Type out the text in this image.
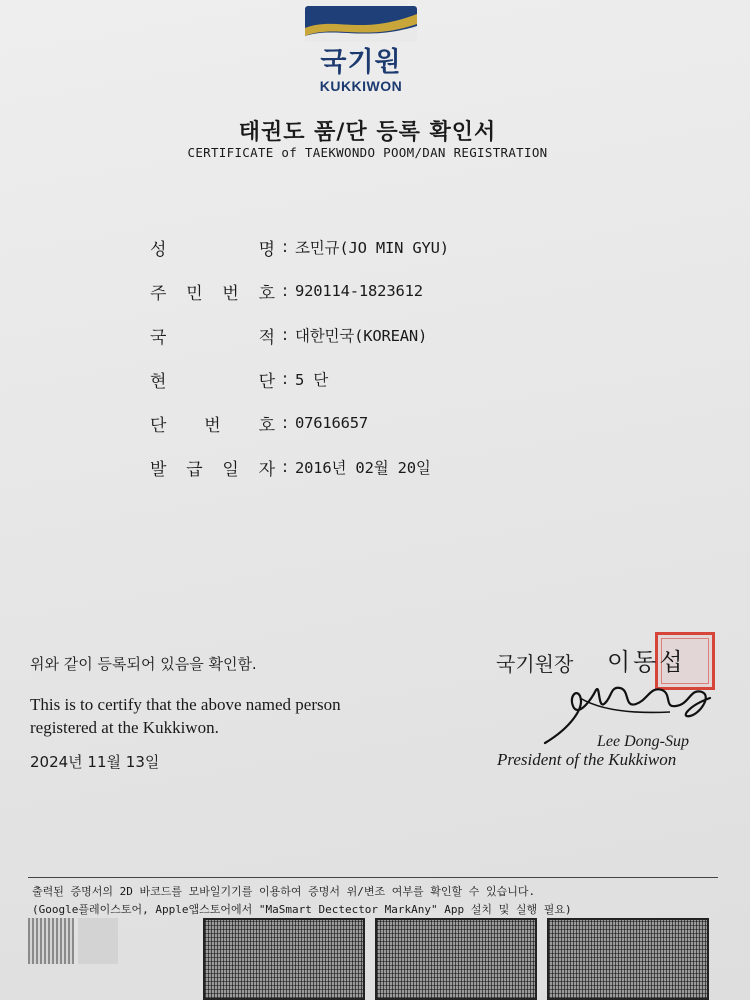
국기원
KUKKIWON
태권도 품/단 등록 확인서
CERTIFICATE of TAEKWONDO POOM/DAN REGISTRATION
성	명 : 조민규(JO MIN GYU)
주 민 번 호 : 920114-1823612
국	적 : 대한민국(KOREAN)
현	단 : 5 단
단 번 호 : 07616657
발 급 일 자 : 2016년 02월 20일
위와 같이 등록되어 있음을 확인함.
This is to certify that the above named person registered at the Kukkiwon.
2024년 11월 13일
국기원장 이동섭
Lee Dong-Sup
President of the Kukkiwon
출력된 증명서의 2D 바코드를 모바일기기를 이용하여 증명서 위/변조 여부를 확인할 수 있습니다.
(Google플레이스토어, Apple앱스토어에서 "MaSmart Dectector MarkAny" App 설치 및 실행 필요)
